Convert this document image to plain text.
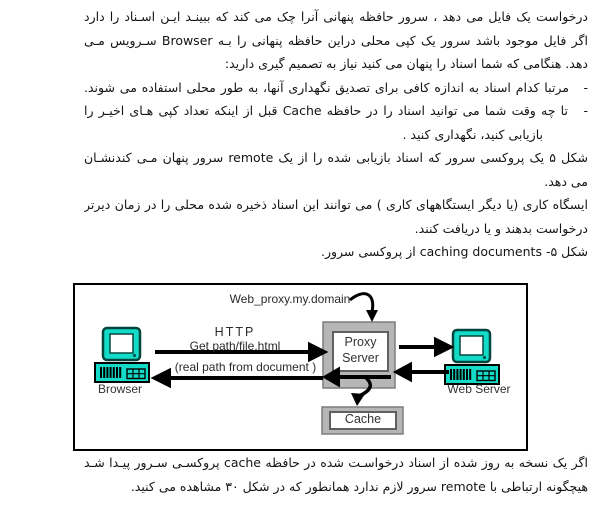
درخواست یک فایل می دهد ، سرور حافظه پنهانی آنرا چک می کند که ببینـد ایـن اسـناد را دارد
اگر فایل موجود باشد سرور یک کپی محلی دراین حافظه پنهانی را بـه Browser سـرویس مـی
دهد. هنگامی که شما اسناد را پنهان می کنید نیاز به تصمیم گیری دارید:
-   مرتبا کدام اسناد به اندازه کافی برای تصدیق نگهداری آنها، به طور محلی استفاده می شوند.
-   تا چه وقت شما می توانید اسناد را در حافظه Cache قبل از اینکه تعداد کپی هـای اخیـر را
بازیابی کنید، نگهداری کنید .
شکل ۵ یک پروکسی سرور که اسناد بازیابی شده را از یک remote سرور پنهان مـی کندنشـان
می دهد.
ایسگاه کاری (یا دیگر ایستگاههای کاری ) می توانند این اسناد ذخیره شده محلی را در زمان دیرتر
درخواست بدهند و یا دریافت کنند.
شکل ۵- caching documents از پروکسی سرور.
Web_proxy.my.domain
HTTP
Get path/file.html
(real path from document )
Proxy
Server
Cache
Browser	Web Server
اگر یک نسخه به روز شده از اسناد درخواسـت شده در حافظه cache پروکسـی سـرور پیـدا شـد
هیچگونه ارتباطی با remote سرور لازم ندارد همانطور که در شکل ۳۰ مشاهده می کنید.
